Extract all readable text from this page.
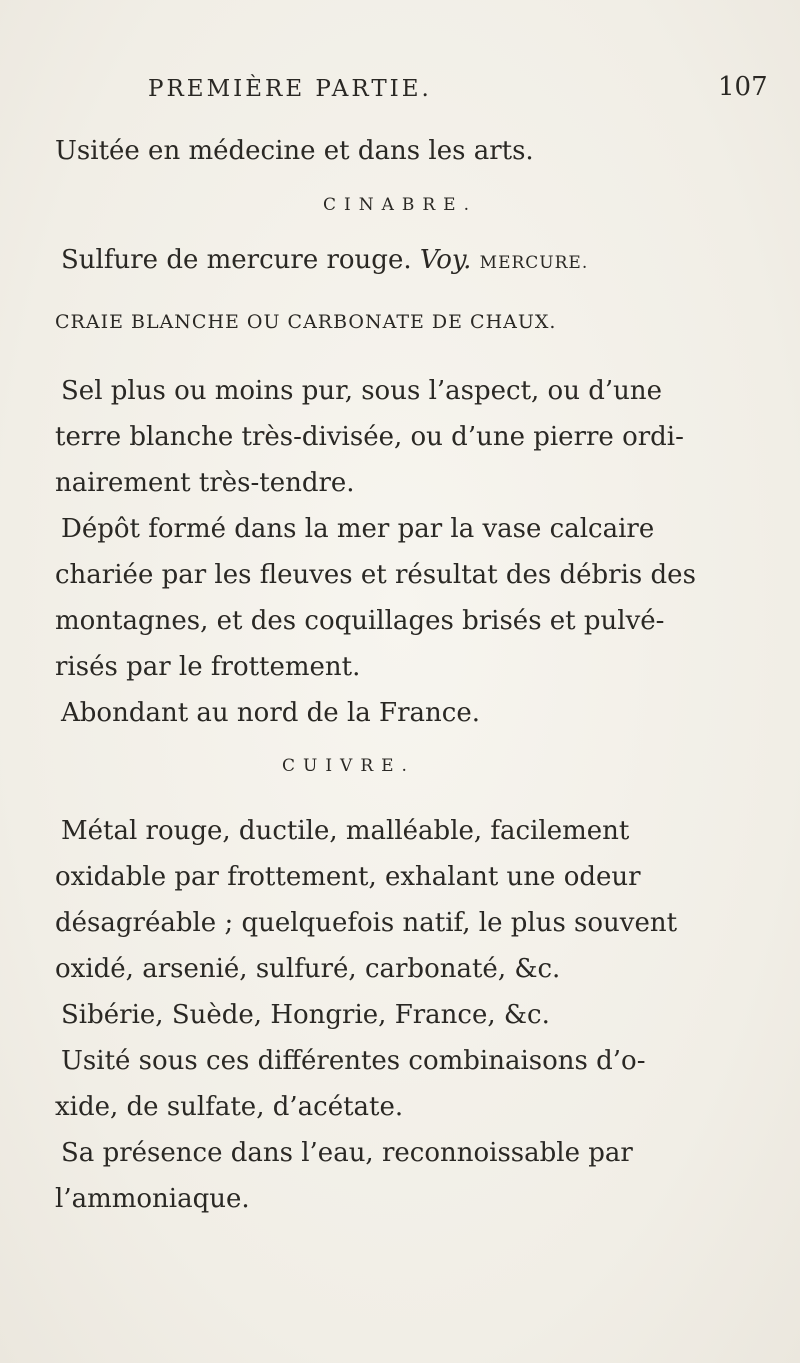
PREMIÈRE PARTIE.	107
Usitée en médecine et dans les arts.
CINABRE.
Sulfure de mercure rouge. Voy. MERCURE.
CRAIE BLANCHE OU CARBONATE DE CHAUX.
Sel plus ou moins pur, sous l’aspect, ou d’une
terre blanche très-divisée, ou d’une pierre ordi-
nairement très-tendre.
Dépôt formé dans la mer par la vase calcaire
chariée par les fleuves et résultat des débris des
montagnes, et des coquillages brisés et pulvé-
risés par le frottement.
Abondant au nord de la France.
CUIVRE.
Métal rouge, ductile, malléable, facilement
oxidable par frottement, exhalant une odeur
désagréable ; quelquefois natif, le plus souvent
oxidé, arsenié, sulfuré, carbonaté, &c.
Sibérie, Suède, Hongrie, France, &c.
Usité sous ces différentes combinaisons d’o-
xide, de sulfate, d’acétate.
Sa présence dans l’eau, reconnoissable par
l’ammoniaque.
